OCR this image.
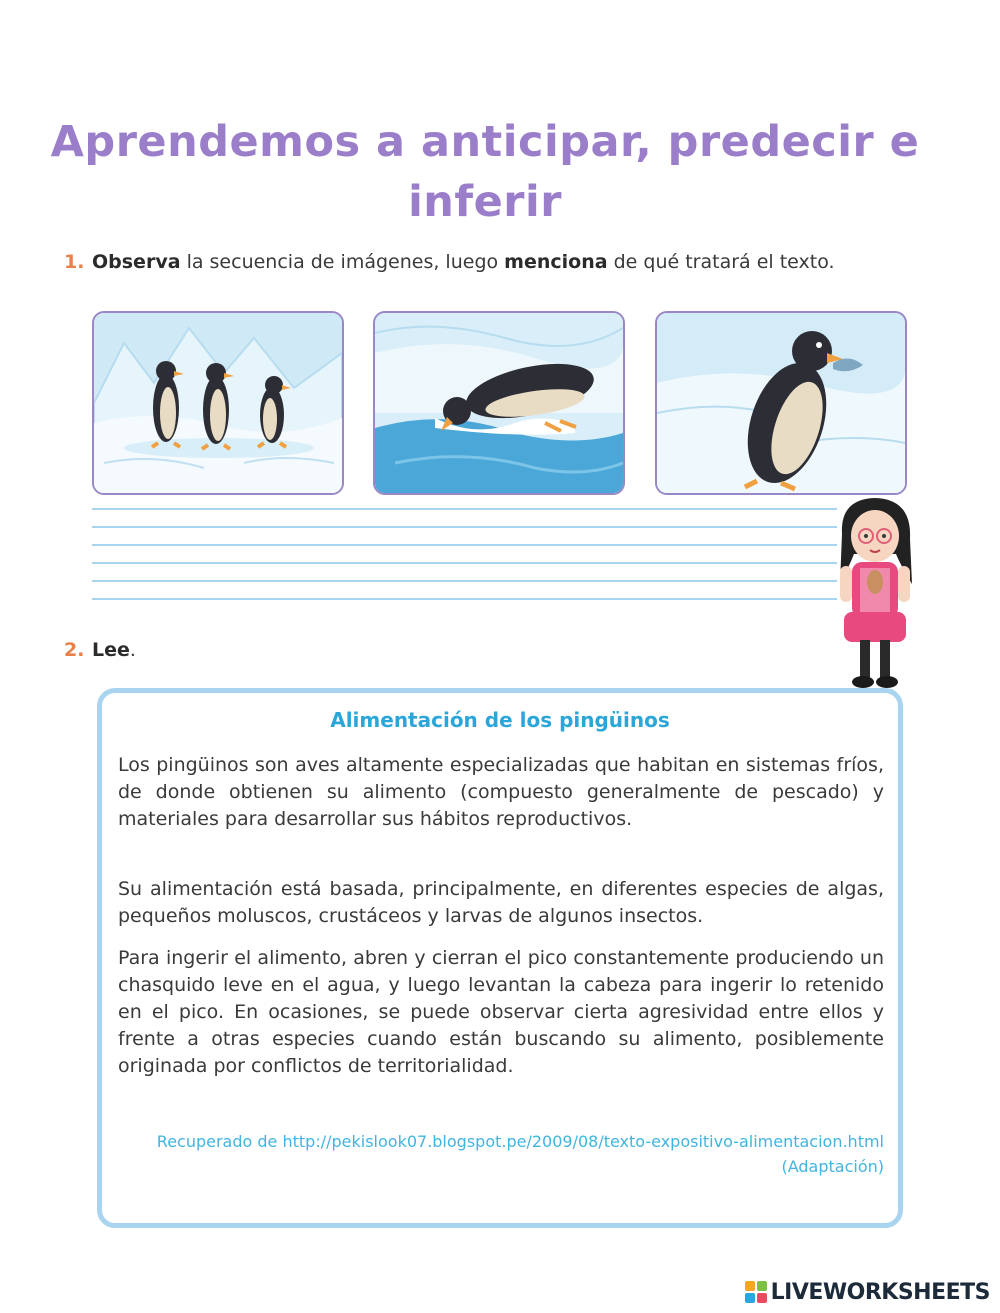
Aprendemos a anticipar, predecir e inferir

1. Observa la secuencia de imágenes, luego menciona de qué tratará el texto.

2. Lee.

Alimentación de los pingüinos

Los pingüinos son aves altamente especializadas que habitan en sistemas fríos, de donde obtienen su alimento (compuesto generalmente de pescado) y materiales para desarrollar sus hábitos reproductivos.

Su alimentación está basada, principalmente, en diferentes especies de algas, pequeños moluscos, crustáceos y larvas de algunos insectos.

Para ingerir el alimento, abren y cierran el pico constantemente produciendo un chasquido leve en el agua, y luego levantan la cabeza para ingerir lo retenido en el pico. En ocasiones, se puede observar cierta agresividad entre ellos y frente a otras especies cuando están buscando su alimento, posiblemente originada por conflictos de territorialidad.

Recuperado de http://pekislook07.blogspot.pe/2009/08/texto-expositivo-alimentacion.html (Adaptación)

LIVEWORKSHEETS
